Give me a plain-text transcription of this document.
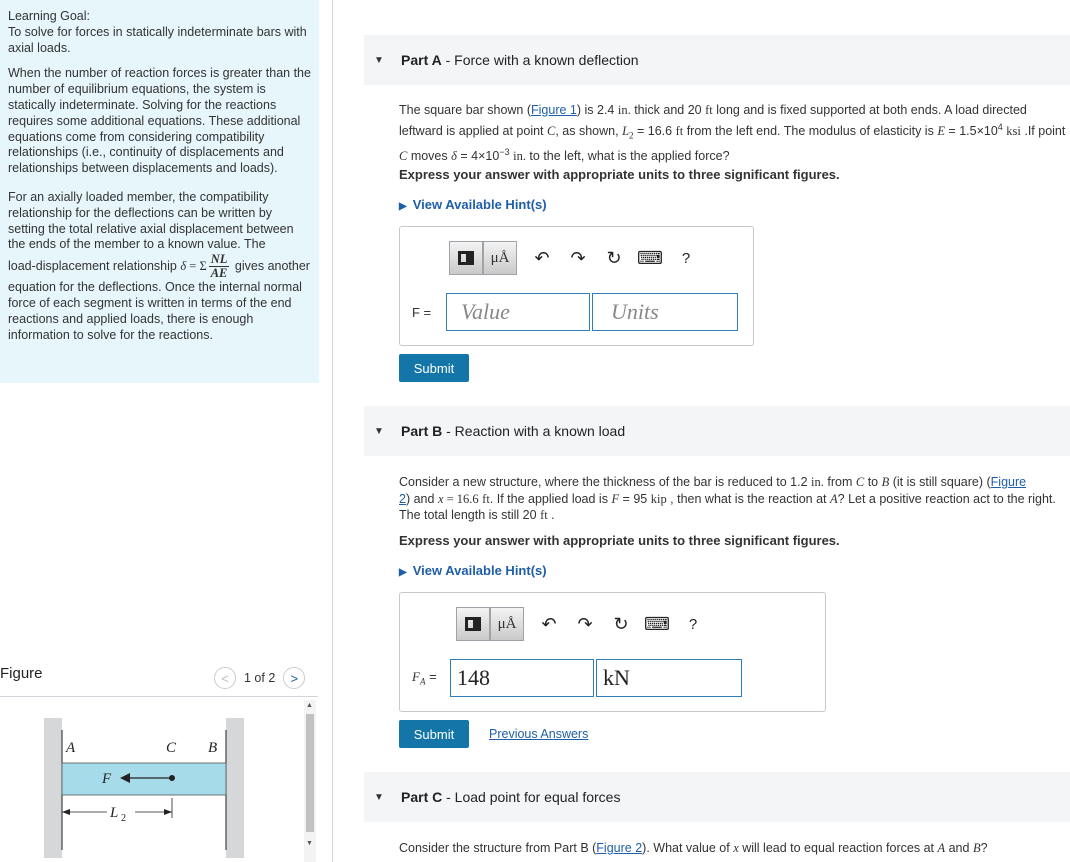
Learning Goal:
To solve for forces in statically indeterminate bars with axial loads.

When the number of reaction forces is greater than the number of equilibrium equations, the system is statically indeterminate. Solving for the reactions requires some additional equations. These additional equations come from considering compatibility relationships (i.e., continuity of displacements and relationships between displacements and loads).

For an axially loaded member, the compatibility relationship for the deflections can be written by setting the total relative axial displacement between the ends of the member to a known value. The
load-displacement relationship δ = Σ $\frac{NL}{AE}$ gives another equation for the deflections. Once the internal normal force of each segment is written in terms of the end reactions and applied loads, there is enough information to solve for the reactions.

Figure	< 1 of 2 >
A	C B
F
L 2
▲
▼
▼ Part A - Force with a known deflection
The square bar shown (Figure 1) is 2.4 in. thick and 20 ft long and is fixed supported at both ends. A load directed leftward is applied at point C, as shown, $L_2 = 16.6$ ft from the left end. The modulus of elasticity is $E = 1.5\times 10^4$ ksi .If point C moves $\delta = 4\times 10^{-3}$ in. to the left, what is the applied force?
Express your answer with appropriate units to three significant figures.
▶ View Available Hint(s)
μÅ ↶ ↷ ↻ ⌨ ?
F =	Value	Units
Submit
▼ Part B - Reaction with a known load
Consider a new structure, where the thickness of the bar is reduced to 1.2 in. from C to B (it is still square) (Figure
2) and x = 16.6 ft. If the applied load is F = 95 kip , then what is the reaction at A? Let a positive reaction act to the right. The total length is still 20 ft .
Express your answer with appropriate units to three significant figures.
▶ View Available Hint(s)
μÅ ↶ ↷ ↻ ⌨ ?
$F_A = 148$	kN
Submit	Previous Answers
▼ Part C - Load point for equal forces
Consider the structure from Part B (Figure 2). What value of x will lead to equal reaction forces at A and B?
